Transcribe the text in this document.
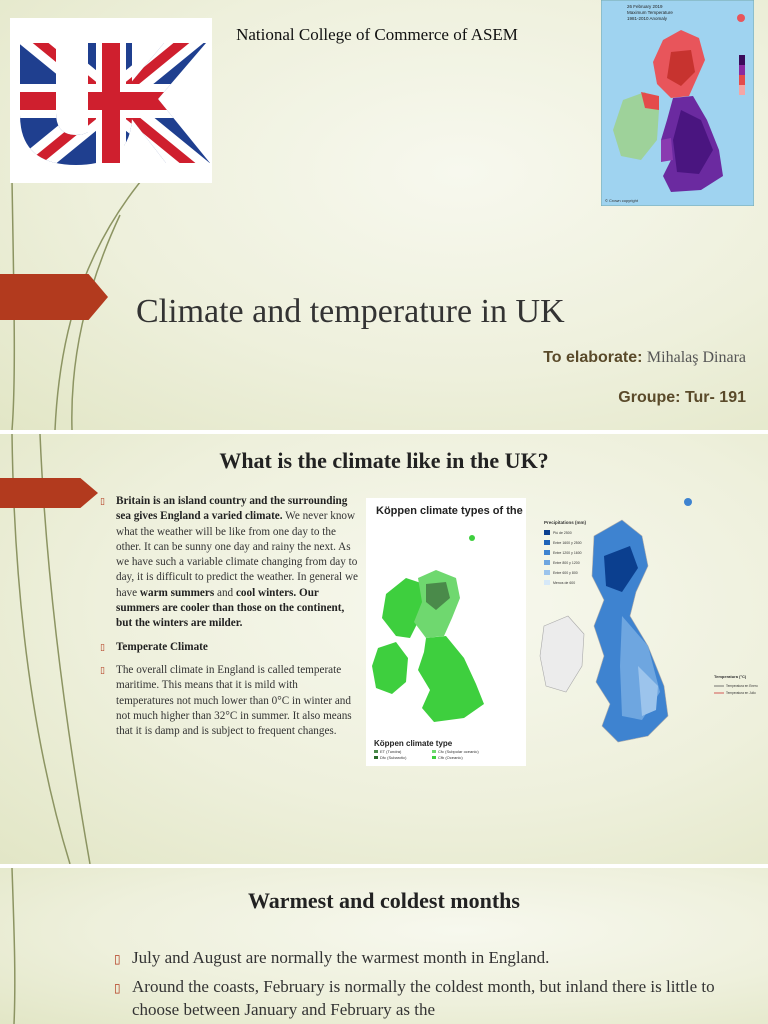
UK
National College of Commerce of ASEM
26 February 2019
Maximum Temperature
1981-2010 Anomaly
© Crown copyright
Climate and temperature in UK
To elaborate: Mihalaş Dinara
Groupe: Tur- 191
What is the climate like in the UK?

▯ Britain is an island country and the surrounding sea gives England a varied climate. We never know what the weather will be like from one day to the other. It can be sunny one day and rainy the next. As we have such a variable climate changing from day to day, it is difficult to predict the weather. In general we have warm summers and cool winters. Our summers are cooler than those on the continent, but the winters are milder.

▯ Temperate Climate

▯ The overall climate in England is called temperate maritime. This means that it is mild with temperatures not much lower than 0°C in winter and not much higher than 32°C in summer. It also means that it is damp and is subject to frequent changes.

Köppen climate types of the UK
Köppen climate type
ET (Tundra)
Dfc (Subarctic)
Cfc (Subpolar oceanic)
Cfb (Oceanic)
Precipitations (mm)
Più de 2500
Entre 1600 y 2500
Entre 1200 y 1600
Entre 800 y 1200
Entre 600 y 800
Menos de 600
Temperatura (°C)
Temperatura en Enero
Temperatura en Julio
Warmest and coldest months

▯ July and August are normally the warmest month in England.

▯ Around the coasts, February is normally the coldest month, but inland there is little to choose between January and February as the
